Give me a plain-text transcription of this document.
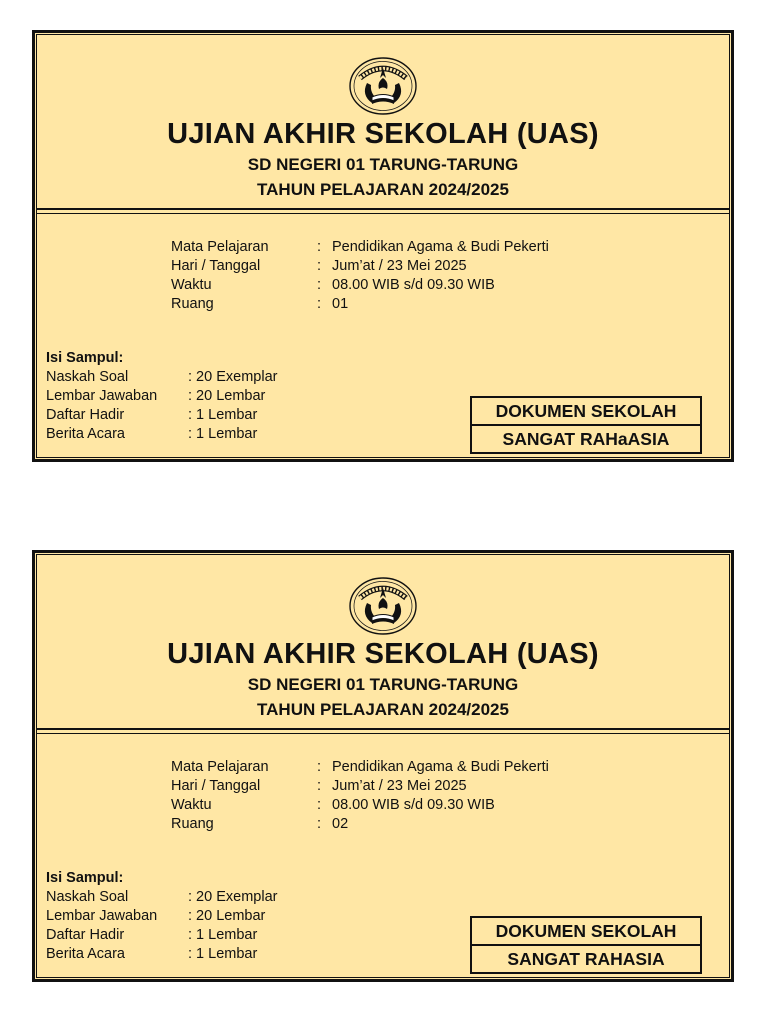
UJIAN AKHIR SEKOLAH (UAS)
SD NEGERI 01 TARUNG-TARUNG
TAHUN PELAJARAN 2024/2025
Mata Pelajaran	: Pendidikan Agama & Budi Pekerti
Hari / Tanggal	: Jum’at / 23 Mei 2025
Waktu	: 08.00 WIB s/d 09.30 WIB
Ruang	: 01
Isi Sampul:
Naskah Soal	: 20 Exemplar
Lembar Jawaban : 20 Lembar
Daftar Hadir	: 1 Lembar
Berita Acara	: 1 Lembar
DOKUMEN SEKOLAH
SANGAT RAHaASIA
UJIAN AKHIR SEKOLAH (UAS)
SD NEGERI 01 TARUNG-TARUNG
TAHUN PELAJARAN 2024/2025
Mata Pelajaran	: Pendidikan Agama & Budi Pekerti
Hari / Tanggal	: Jum’at / 23 Mei 2025
Waktu	: 08.00 WIB s/d 09.30 WIB
Ruang	: 02
Isi Sampul:
Naskah Soal	: 20 Exemplar
Lembar Jawaban : 20 Lembar
Daftar Hadir	: 1 Lembar
Berita Acara	: 1 Lembar
DOKUMEN SEKOLAH
SANGAT RAHASIA
